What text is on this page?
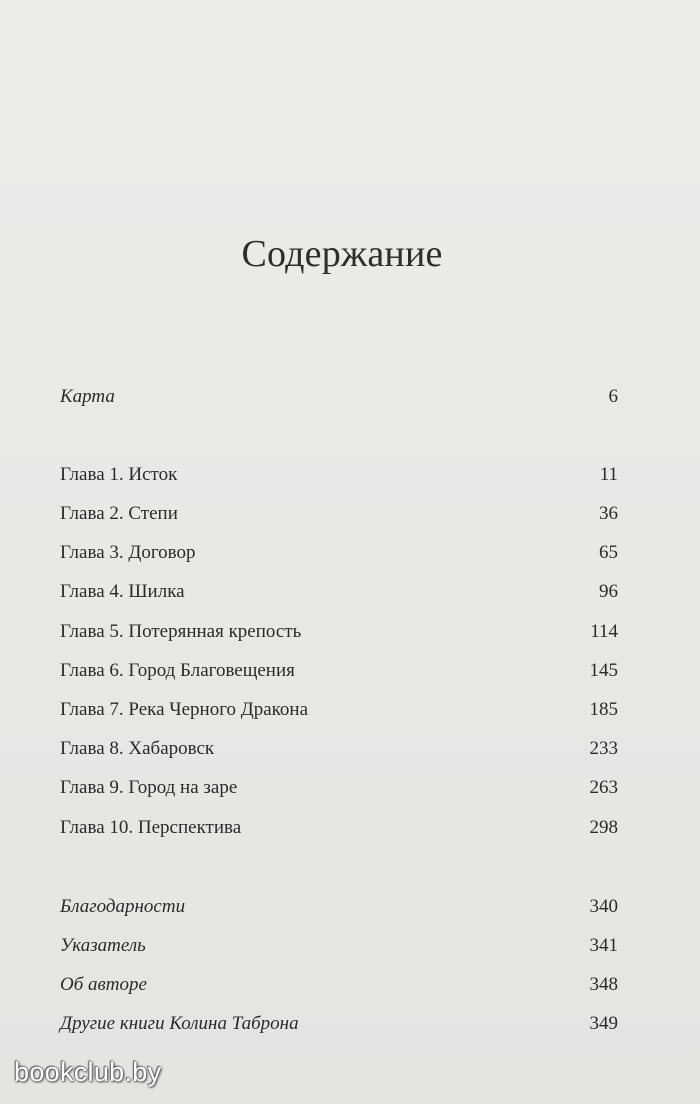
Содержание
Карта	6
Глава 1. Исток	11
Глава 2. Степи	36
Глава 3. Договор	65
Глава 4. Шилка	96
Глава 5. Потерянная крепость	114
Глава 6. Город Благовещения	145
Глава 7. Река Черного Дракона	185
Глава 8. Хабаровск	233
Глава 9. Город на заре	263
Глава 10. Перспектива	298
Благодарности	340
Указатель	341
Об авторе	348
Другие книги Колина Таброна	349
bookclub.by
